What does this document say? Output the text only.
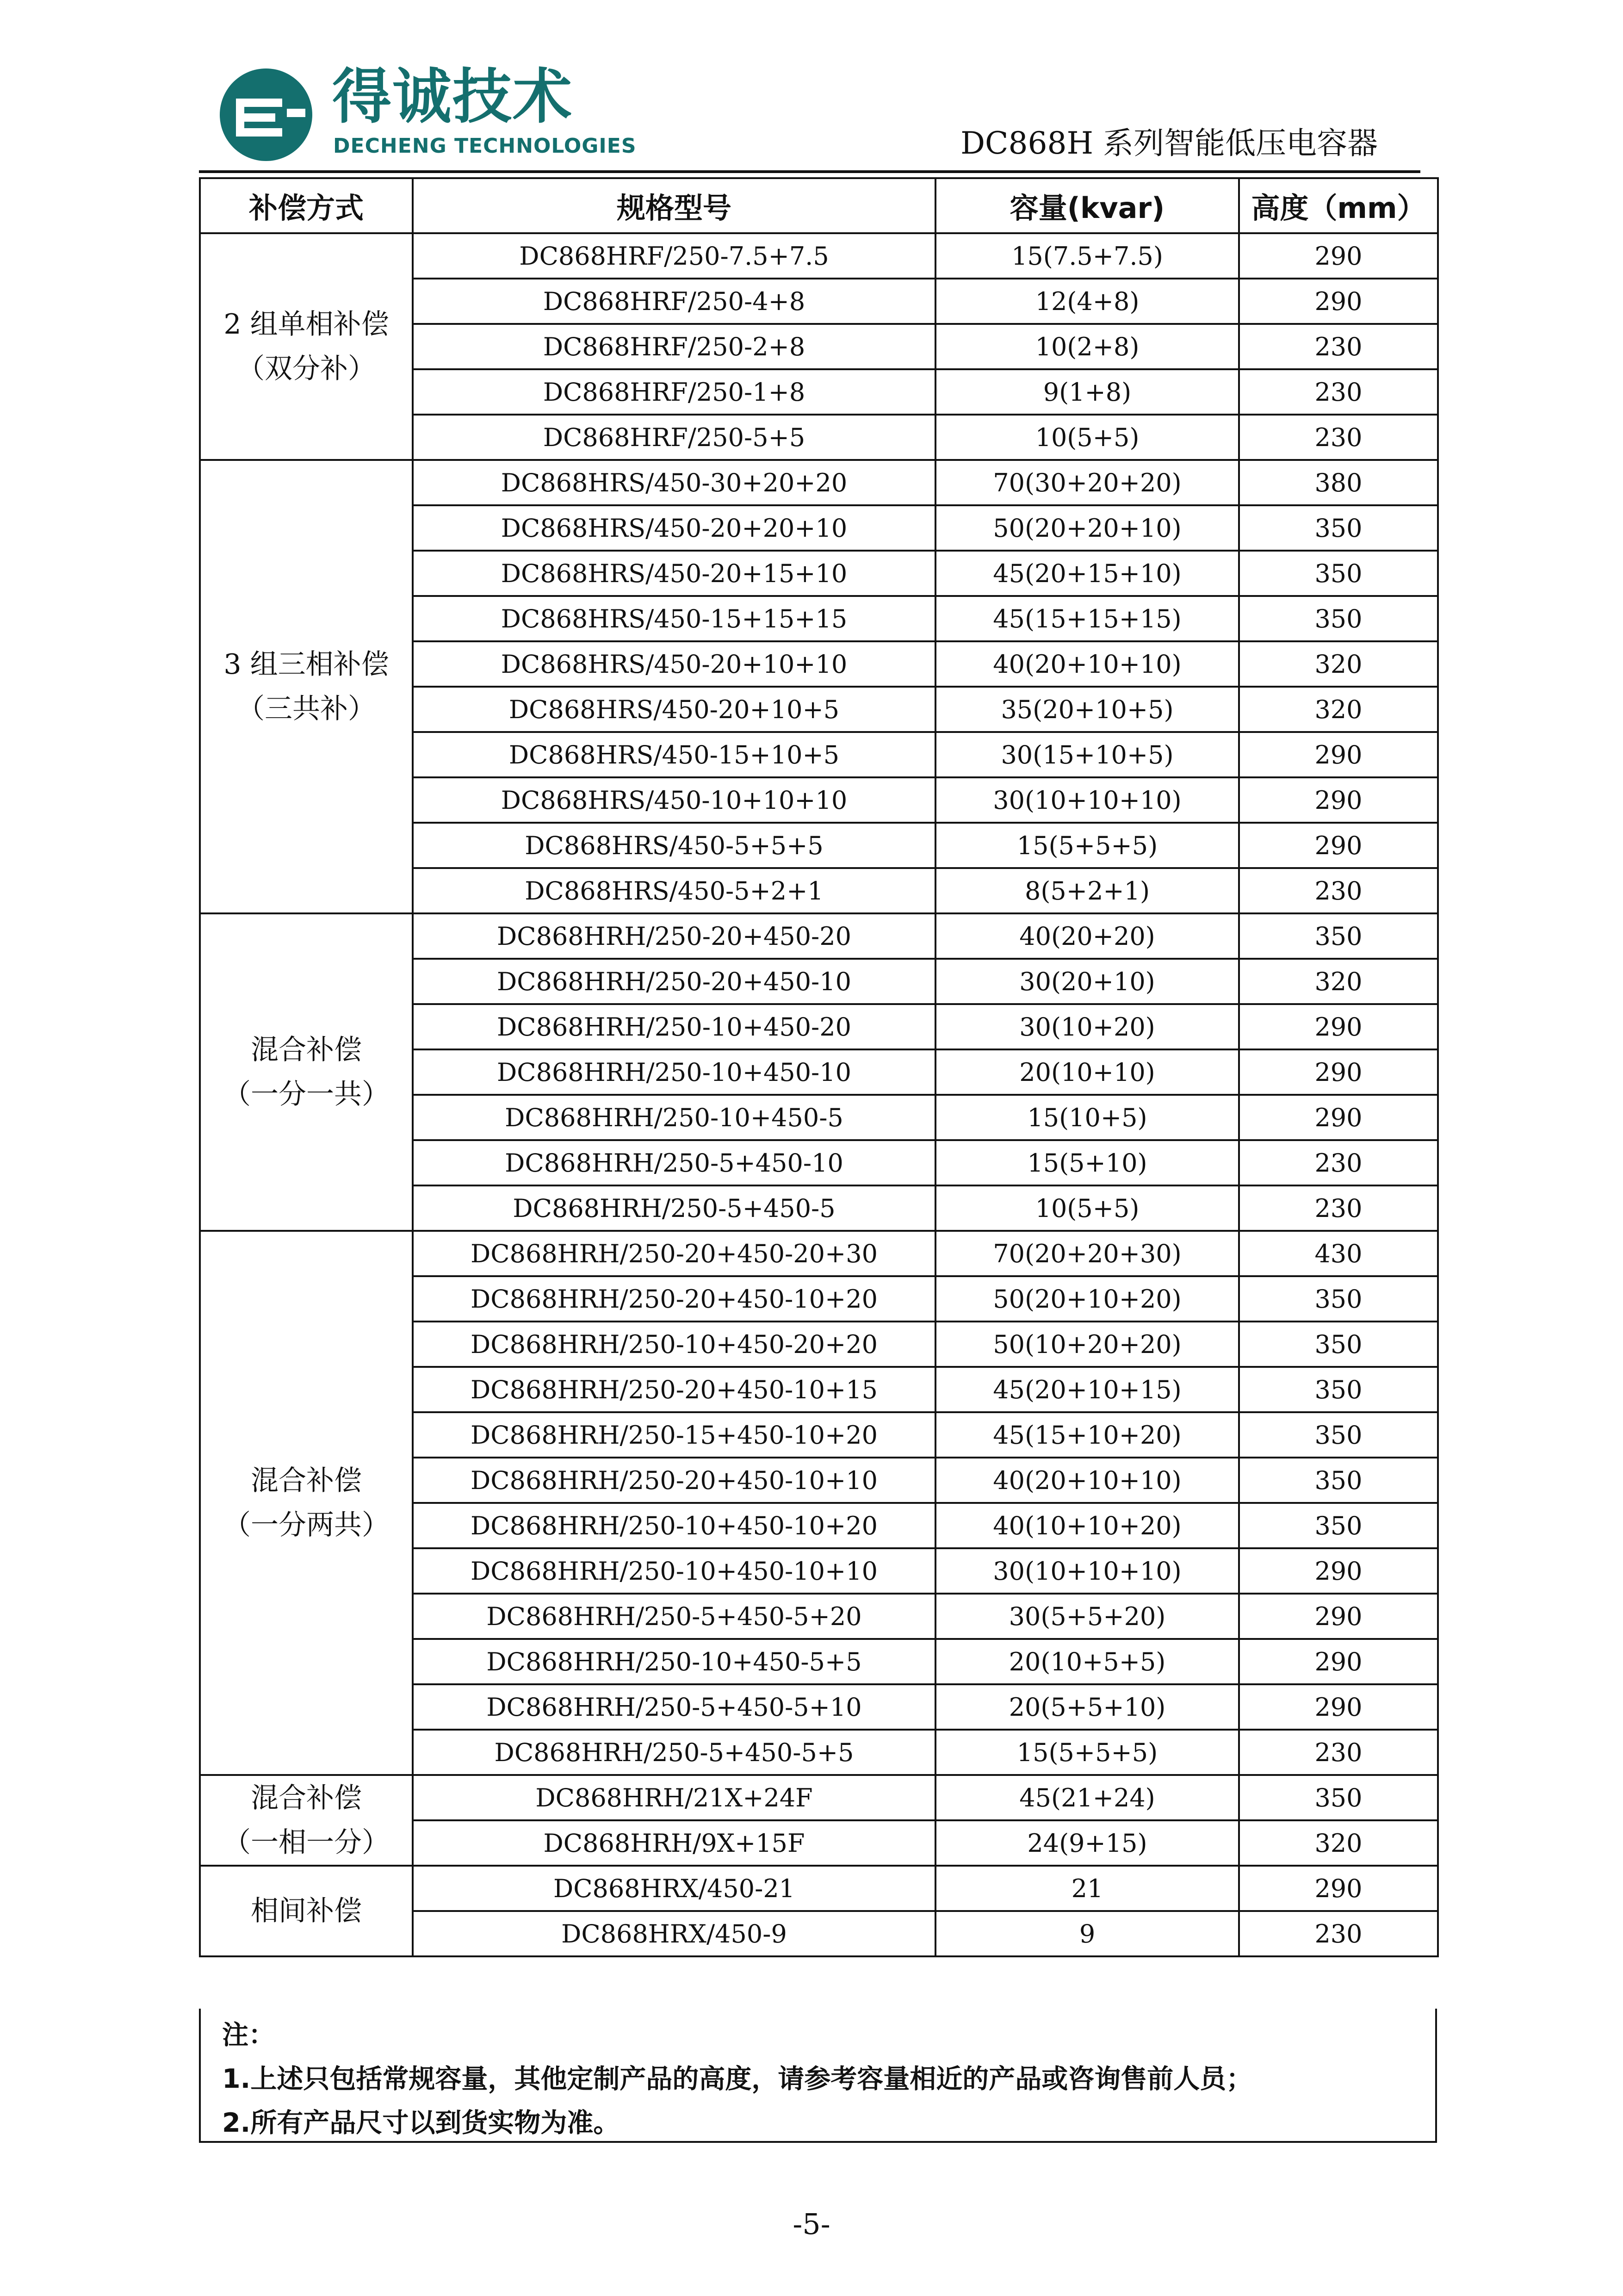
得诚技术
DECHENG TECHNOLOGIES	DC868H 系列智能低压电容器
补偿方式	规格型号	容量(kvar)	高度（mm）

2 组单相补偿
（双分补）	DC868HRF/250-7.5+7.5	15(7.5+7.5)	290
	DC868HRF/250-4+8	12(4+8)	290
	DC868HRF/250-2+8	10(2+8)	230
	DC868HRF/250-1+8	9(1+8)	230
	DC868HRF/250-5+5	10(5+5)	230

3 组三相补偿
（三共补）	DC868HRS/450-30+20+20	70(30+20+20)	380
	DC868HRS/450-20+20+10	50(20+20+10)	350
	DC868HRS/450-20+15+10	45(20+15+10)	350
	DC868HRS/450-15+15+15	45(15+15+15)	350
	DC868HRS/450-20+10+10	40(20+10+10)	320
	DC868HRS/450-20+10+5	35(20+10+5)	320
	DC868HRS/450-15+10+5	30(15+10+5)	290
	DC868HRS/450-10+10+10	30(10+10+10)	290
	DC868HRS/450-5+5+5	15(5+5+5)	290
	DC868HRS/450-5+2+1	8(5+2+1)	230

混合补偿
（一分一共）	DC868HRH/250-20+450-20	40(20+20)	350
	DC868HRH/250-20+450-10	30(20+10)	320
	DC868HRH/250-10+450-20	30(10+20)	290
	DC868HRH/250-10+450-10	20(10+10)	290
	DC868HRH/250-10+450-5	15(10+5)	290
	DC868HRH/250-5+450-10	15(5+10)	230
	DC868HRH/250-5+450-5	10(5+5)	230

混合补偿
（一分两共）	DC868HRH/250-20+450-20+30	70(20+20+30)	430
	DC868HRH/250-20+450-10+20	50(20+10+20)	350
	DC868HRH/250-10+450-20+20	50(10+20+20)	350
	DC868HRH/250-20+450-10+15	45(20+10+15)	350
	DC868HRH/250-15+450-10+20	45(15+10+20)	350
	DC868HRH/250-20+450-10+10	40(20+10+10)	350
	DC868HRH/250-10+450-10+20	40(10+10+20)	350
	DC868HRH/250-10+450-10+10	30(10+10+10)	290
	DC868HRH/250-5+450-5+20	30(5+5+20)	290
	DC868HRH/250-10+450-5+5	20(10+5+5)	290
	DC868HRH/250-5+450-5+10	20(5+5+10)	290
	DC868HRH/250-5+450-5+5	15(5+5+5)	230

混合补偿
（一相一分）	DC868HRH/21X+24F	45(21+24)	350
	DC868HRH/9X+15F	24(9+15)	320

相间补偿	DC868HRX/450-21	21	290
	DC868HRX/450-9	9	230
注：
1.上述只包括常规容量，其他定制产品的高度，请参考容量相近的产品或咨询售前人员；
2.所有产品尺寸以到货实物为准。
-5-
